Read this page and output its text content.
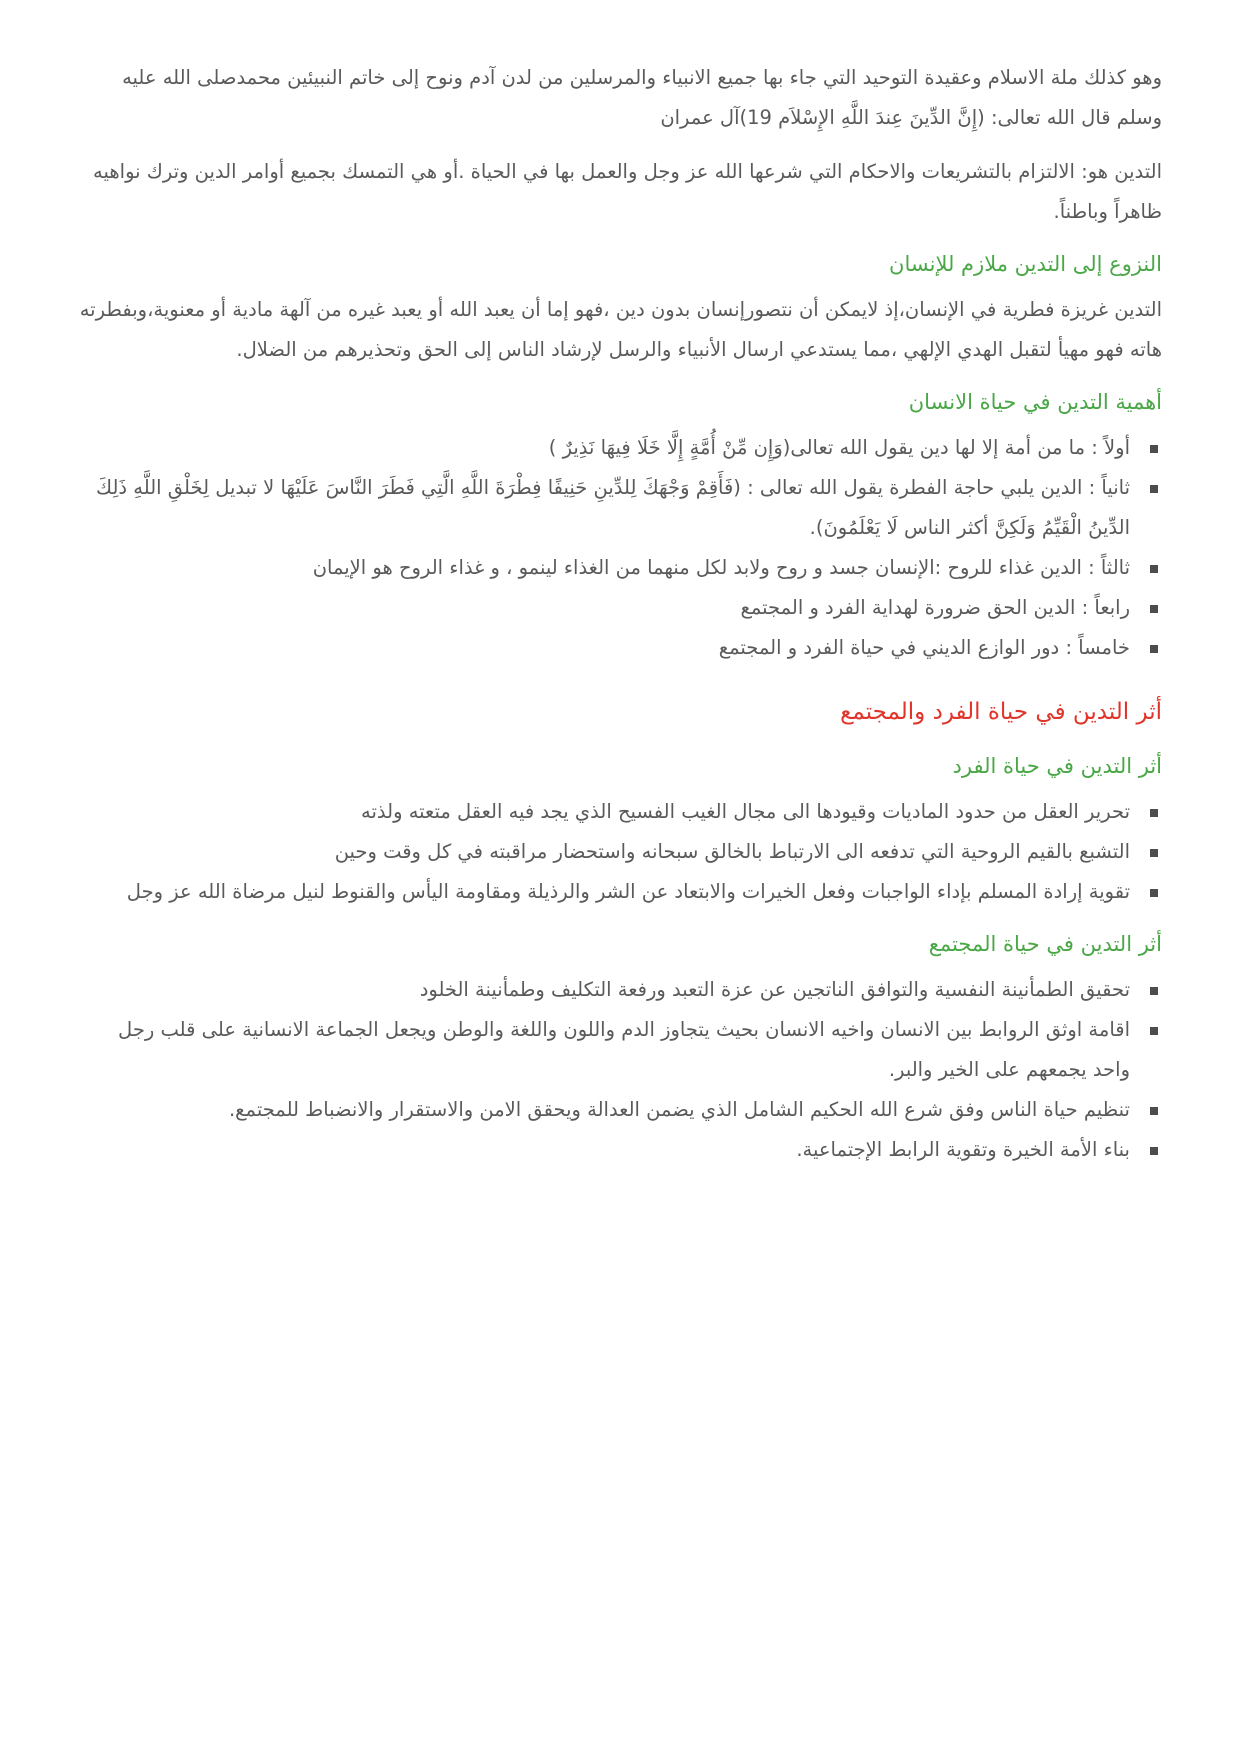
وهو كذلك ملة الاسلام وعقيدة التوحيد التي جاء بها جميع الانبياء والمرسلين من لدن آدم ونوح إلى خاتم النبيئين محمدصلى الله عليه وسلم قال الله تعالى: (إِنَّ الدِّينَ عِندَ اللَّهِ الإِسْلاَم 19)آل عمران

التدين هو: الالتزام بالتشريعات والاحكام التي شرعها الله عز وجل والعمل بها في الحياة .أو هي التمسك بجميع أوامر الدين وترك نواهيه ظاهراً وباطناً.

النزوع إلى التدين ملازم للإنسان

التدين غريزة فطرية في الإنسان،إذ لايمكن أن نتصورإنسان بدون دين ،فهو إما أن يعبد الله أو يعبد غيره من آلهة مادية أو معنوية،وبفطرته هاته فهو مهيأ لتقبل الهدي الإلهي ،مما يستدعي ارسال الأنبياء والرسل لإرشاد الناس إلى الحق وتحذيرهم من الضلال.

أهمية التدين في حياة الانسان
أولاً : ما من أمة إلا لها دين يقول الله تعالى(وَإِن مِّنْ أُمَّةٍ إِلَّا خَلَا فِيهَا نَذِيرٌ )
ثانياً : الدين يلبي حاجة الفطرة يقول الله تعالى : (فَأَقِمْ وَجْهَكَ لِلدِّينِ حَنِيفًا فِطْرَةَ اللَّهِ الَّتِي فَطَرَ النَّاسَ عَلَيْهَا لا تبديل لِخَلْقِ اللَّهِ ذَلِكَ الدِّينُ الْقَيِّمُ وَلَكِنَّ أكثر الناس لَا يَعْلَمُونَ).
ثالثاً : الدين غذاء للروح :الإنسان جسد و روح ولابد لكل منهما من الغذاء لينمو ، و غذاء الروح هو الإيمان
رابعاً : الدين الحق ضرورة لهداية الفرد و المجتمع
خامساً : دور الوازع الديني في حياة الفرد و المجتمع
أثر التدين في حياة الفرد والمجتمع
أثر التدين في حياة الفرد
تحرير العقل من حدود الماديات وقيودها الى مجال الغيب الفسيح الذي يجد فيه العقل متعته ولذته
التشبع بالقيم الروحية التي تدفعه الى الارتباط بالخالق سبحانه واستحضار مراقبته في كل وقت وحين
تقوية إرادة المسلم بإداء الواجبات وفعل الخيرات والابتعاد عن الشر والرذيلة ومقاومة اليأس والقنوط لنيل مرضاة الله عز وجل
أثر التدين في حياة المجتمع
تحقيق الطمأنينة النفسية والتوافق الناتجين عن عزة التعبد ورفعة التكليف وطمأنينة الخلود
اقامة اوثق الروابط بين الانسان واخيه الانسان بحيث يتجاوز الدم واللون واللغة والوطن ويجعل الجماعة الانسانية على قلب رجل واحد يجمعهم على الخير والبر.
تنظيم حياة الناس وفق شرع الله الحكيم الشامل الذي يضمن العدالة ويحقق الامن والاستقرار والانضباط للمجتمع.
بناء الأمة الخيرة وتقوية الرابط الإجتماعية.
